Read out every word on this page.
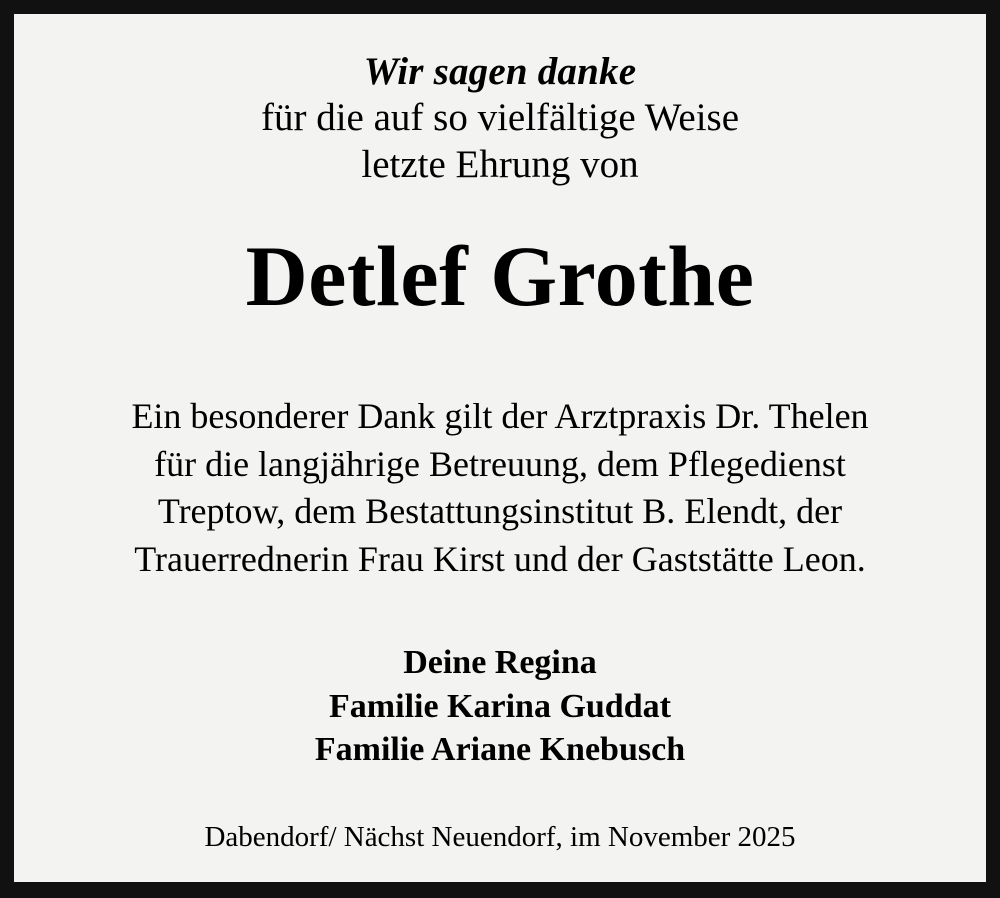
Wir sagen danke
für die auf so vielfältige Weise
letzte Ehrung von
Detlef Grothe
Ein besonderer Dank gilt der Arztpraxis Dr. Thelen
für die langjährige Betreuung, dem Pflegedienst
Treptow, dem Bestattungsinstitut B. Elendt, der
Trauerrednerin Frau Kirst und der Gaststätte Leon.
Deine Regina
Familie Karina Guddat
Familie Ariane Knebusch
Dabendorf/ Nächst Neuendorf, im November 2025
